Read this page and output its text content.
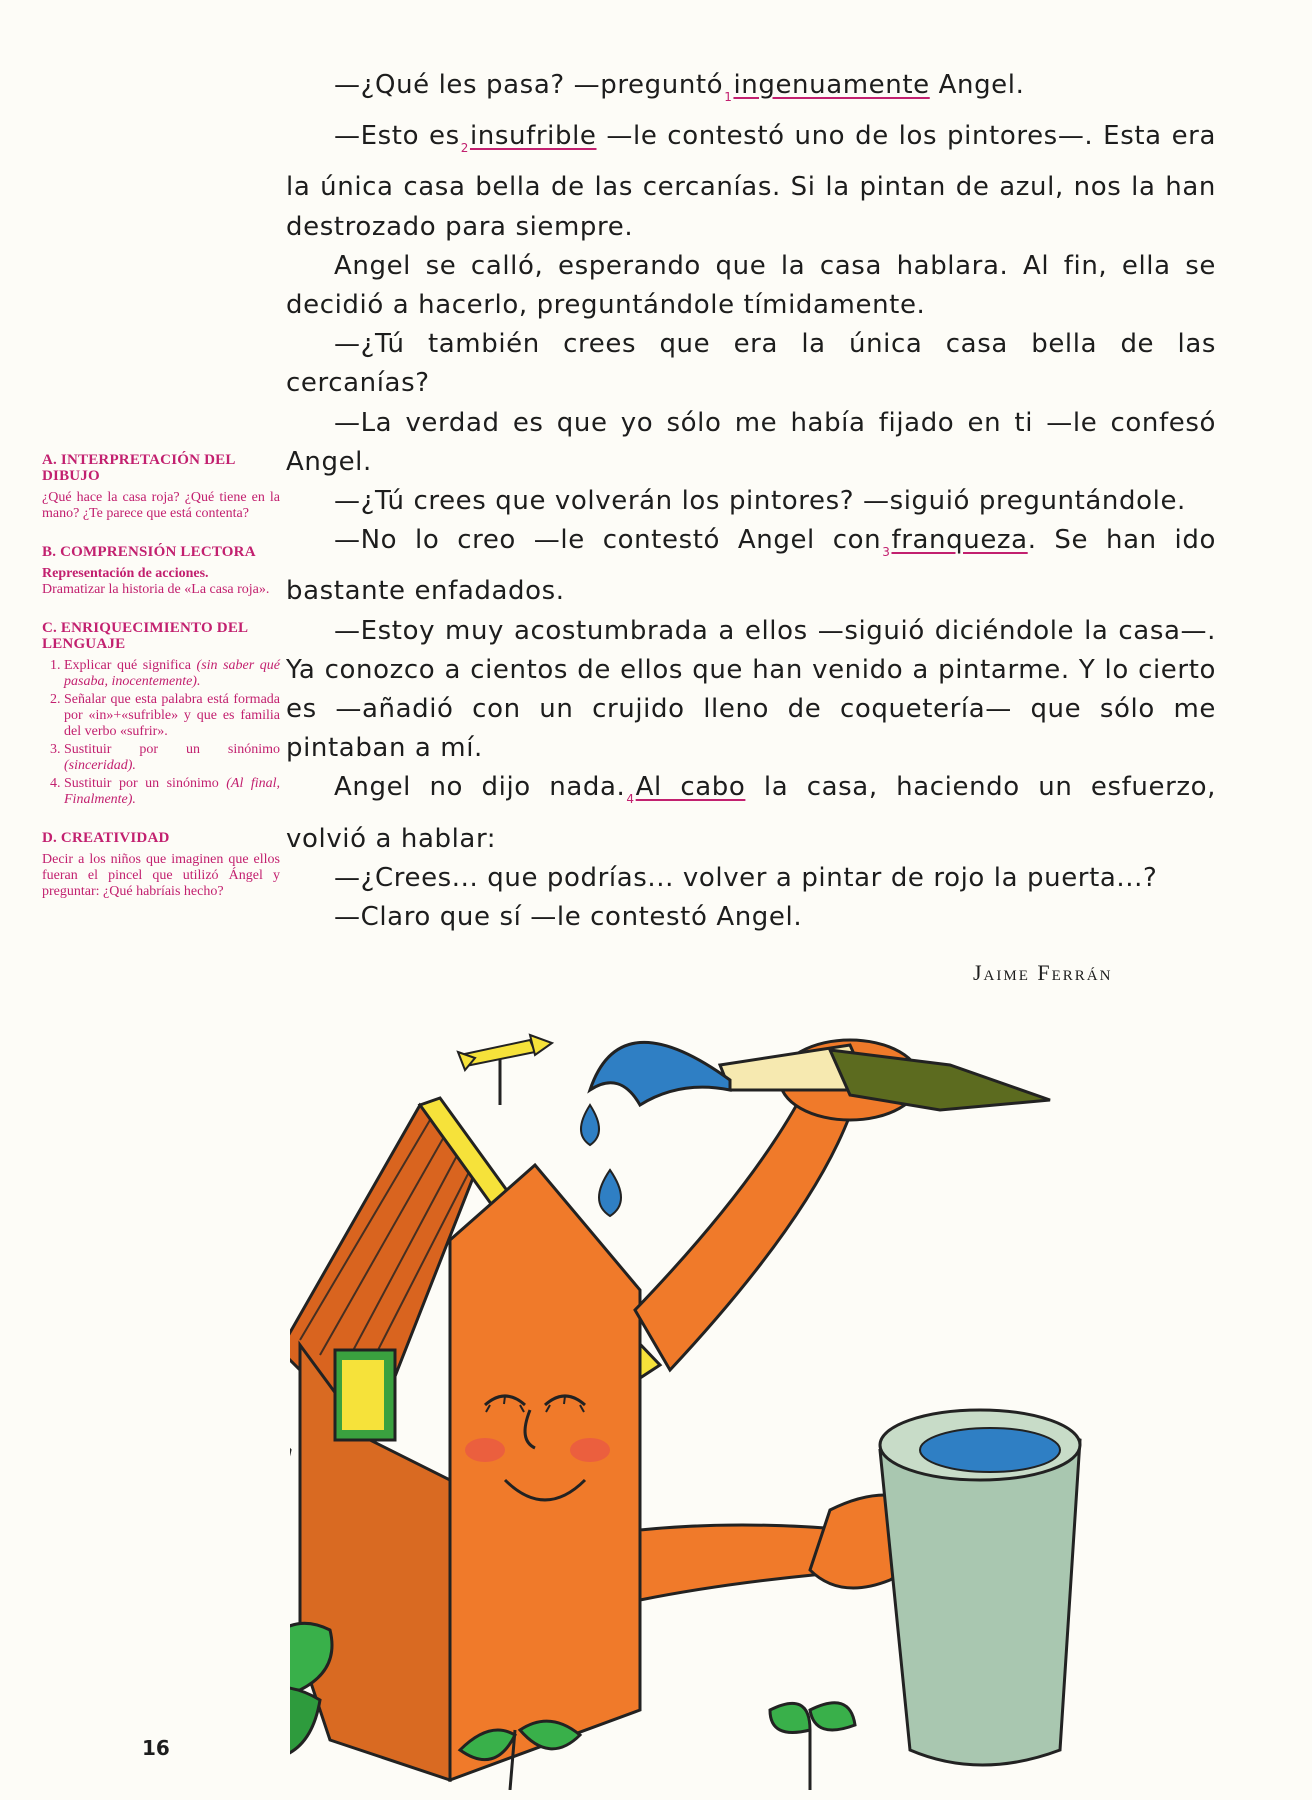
A. INTERPRETACIÓN DEL DIBUJO

¿Qué hace la casa roja? ¿Qué tiene en la mano? ¿Te parece que está contenta?

B. COMPRENSIÓN LECTORA

Representación de acciones.

Dramatizar la historia de «La casa roja».

C. ENRIQUECIMIENTO DEL LENGUAJE
1. Explicar qué significa (sin saber qué pasaba, inocentemente).
2. Señalar que esta palabra está formada por «in»+«sufrible» y que es familia del verbo «sufrir».
3. Sustituir por un sinónimo (sinceridad).
4. Sustituir por un sinónimo (Al final, Finalmente).
D. CREATIVIDAD

Decir a los niños que imaginen que ellos fueran el pincel que utilizó Ángel y preguntar: ¿Qué habríais hecho?

—¿Qué les pasa? —preguntó$_1$ingenuamente Angel.

—Esto $es_2insufrible$ —le contestó uno de los pintores—. Esta era la única casa bella de las cercanías. Si la pintan de azul, nos la han destrozado para siempre.

Angel se calló, esperando que la casa hablara. Al fin, ella se decidió a hacerlo, preguntándole tímidamente.

—¿Tú también crees que era la única casa bella de las cercanías?

—La verdad es que yo sólo me había fijado en ti —le confesó Angel.

—¿Tú crees que volverán los pintores? —siguió preguntándole.

—No lo creo —le contestó Angel con$_3$franqueza. Se han ido bastante enfadados.

—Estoy muy acostumbrada a ellos —siguió diciéndole la casa—. Ya conozco a cientos de ellos que han venido a pintarme. Y lo cierto es —añadió con un crujido lleno de coquetería— que sólo me pintaban a mí.

Angel no dijo $nada._4Al$ cabo la casa, haciendo un esfuerzo, volvió a hablar:

—¿Crees... que podrías... volver a pintar de rojo la puerta...?

—Claro que sí —le contestó Angel.

Jaime Ferrán
16
